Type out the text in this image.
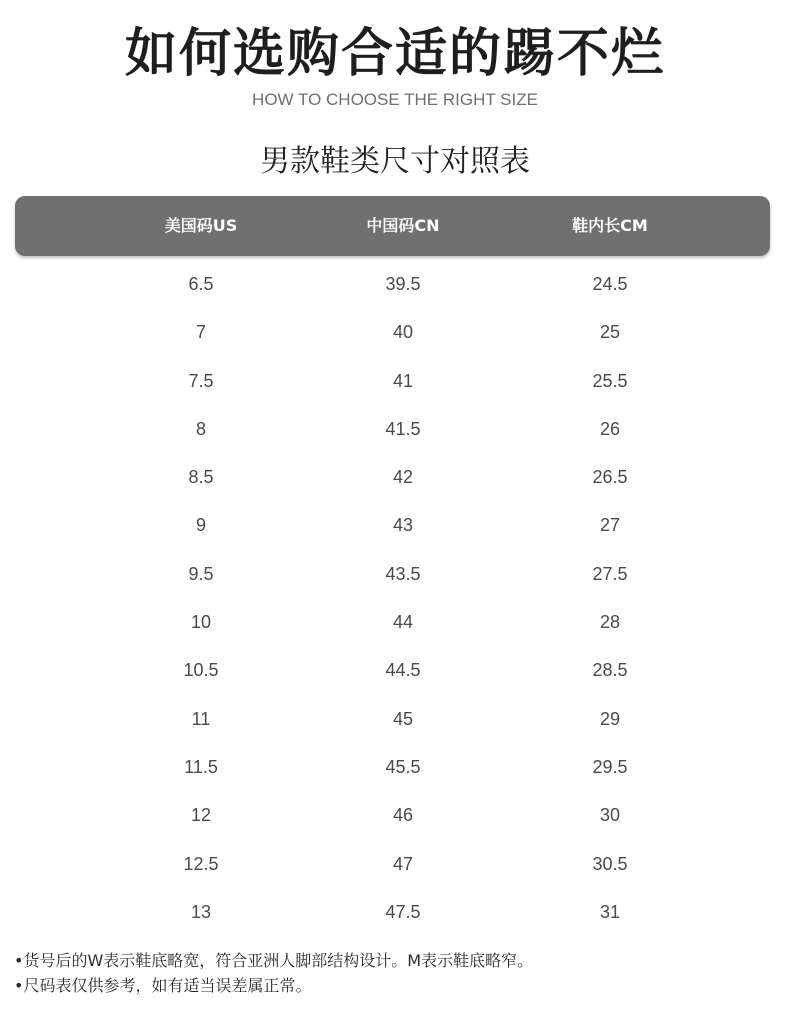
如何选购合适的踢不烂
HOW TO CHOOSE THE RIGHT SIZE
男款鞋类尺寸对照表
美国码US	中国码CN	鞋内长CM
6.5	39.5	24.5
7	40	25
7.5	41	25.5
8	41.5	26
8.5	42	26.5
9	43	27
9.5	43.5	27.5
10	44	28
10.5	44.5	28.5
11	45	29
11.5	45.5	29.5
12	46	30
12.5	47	30.5
13	47.5	31
•货号后的W表示鞋底略宽，符合亚洲人脚部结构设计。M表示鞋底略窄。
•尺码表仅供参考，如有适当误差属正常。
